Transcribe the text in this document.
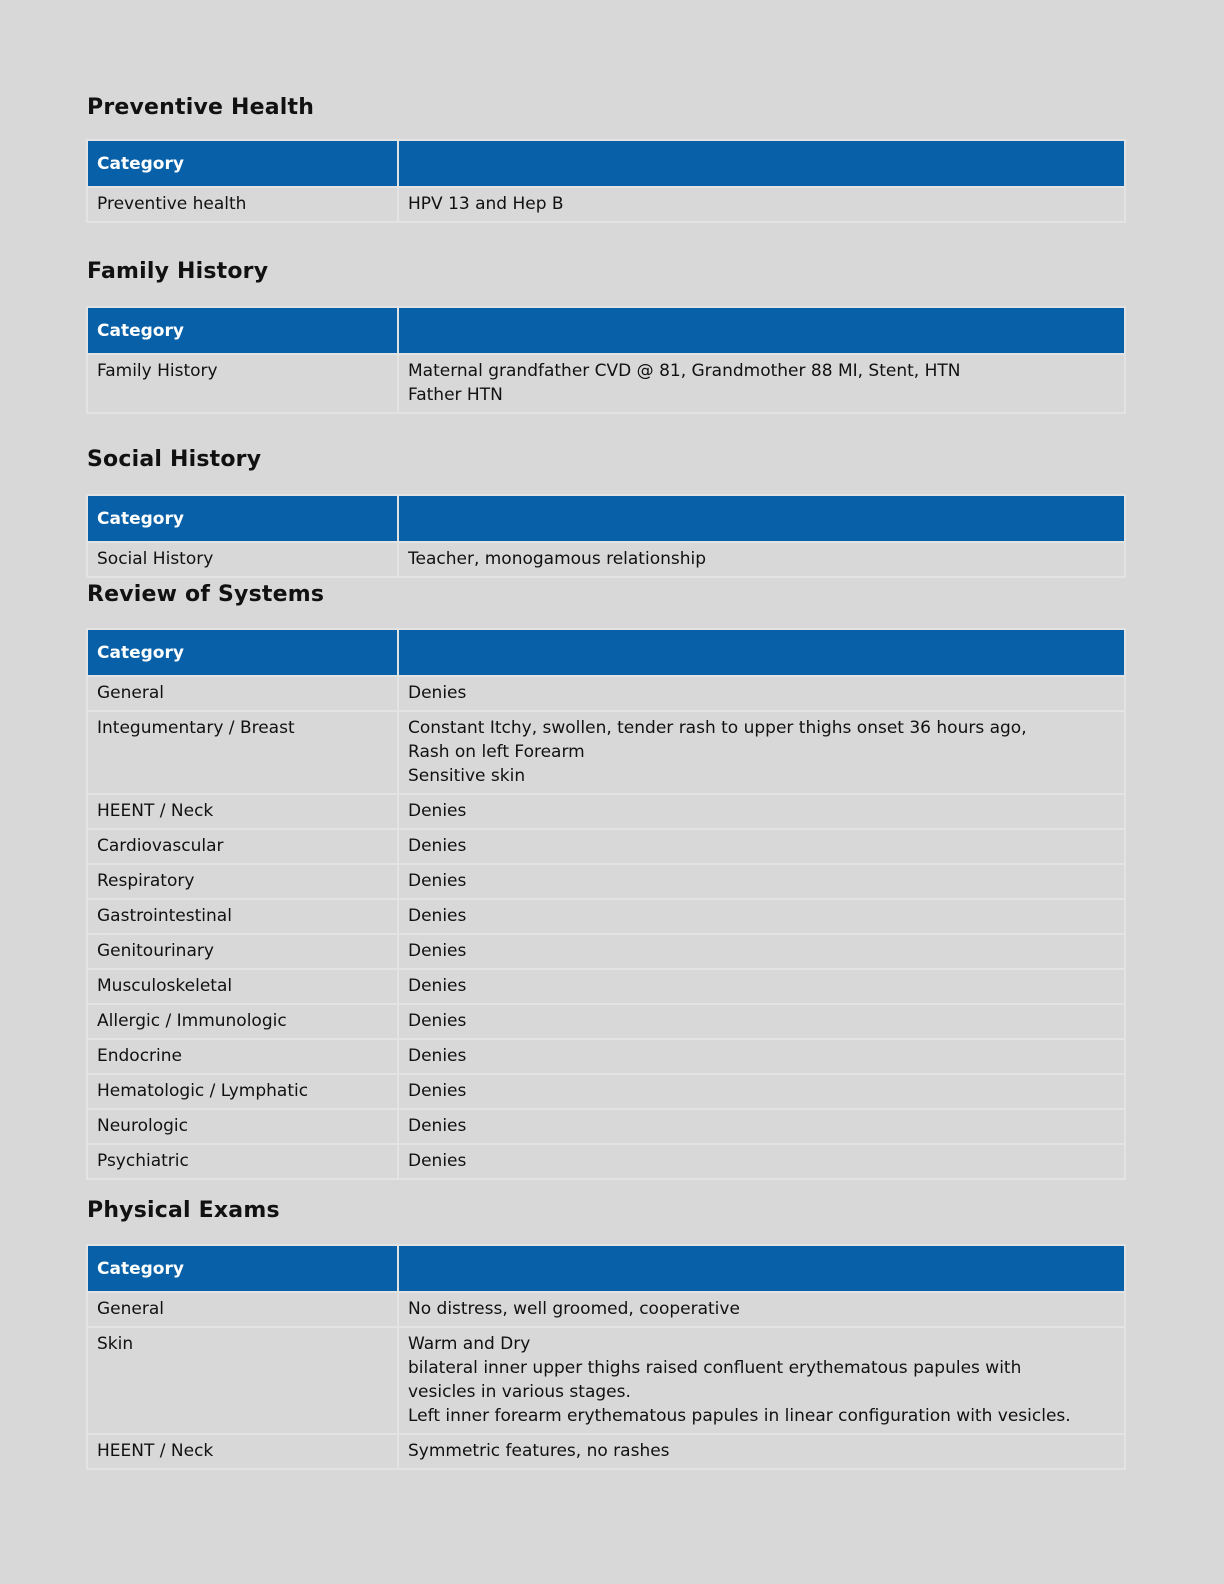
Preventive Health
Category	
Preventive health	HPV 13 and Hep B
Family History
Category	
Family History	Maternal grandfather CVD @ 81, Grandmother 88 MI, Stent, HTN
Father HTN
Social History
Category	
Social History	Teacher, monogamous relationship
Review of Systems
Category	
General	Denies
Integumentary / Breast	Constant Itchy, swollen, tender rash to upper thighs onset 36 hours ago,
Rash on left Forearm
Sensitive skin
HEENT / Neck	Denies
Cardiovascular	Denies
Respiratory	Denies
Gastrointestinal	Denies
Genitourinary	Denies
Musculoskeletal	Denies
Allergic / Immunologic	Denies
Endocrine	Denies
Hematologic / Lymphatic	Denies
Neurologic	Denies
Psychiatric	Denies
Physical Exams
Category	
General	No distress, well groomed, cooperative
Skin	Warm and Dry
bilateral inner upper thighs raised confluent erythematous papules with
vesicles in various stages.
Left inner forearm erythematous papules in linear configuration with vesicles.
HEENT / Neck	Symmetric features, no rashes
